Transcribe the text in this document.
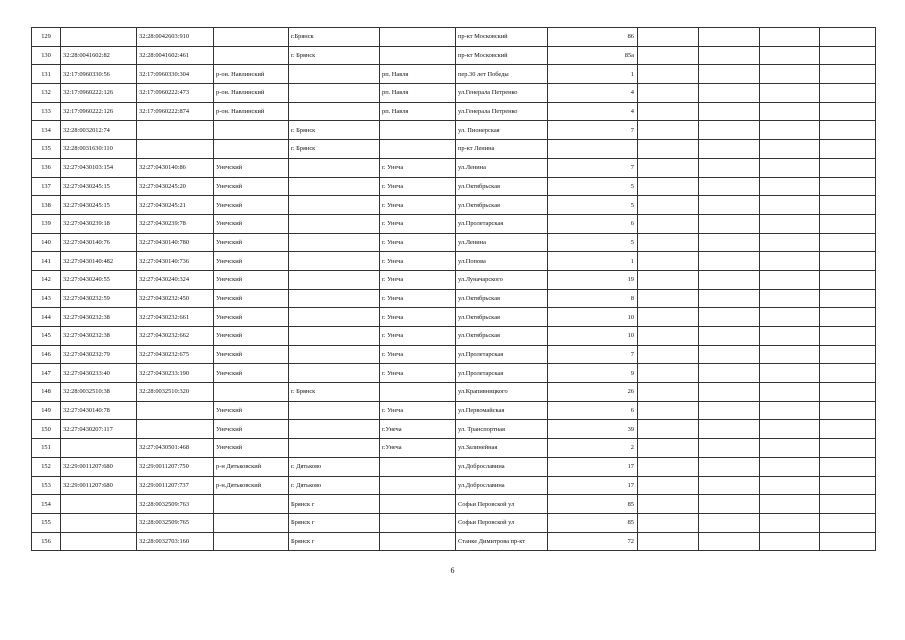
129		32:28:0042603:910		г.Брянск		пр-кт Московский	86				
130	32:28:0041602:82	32:28:0041602:461		г. Брянск		пр-кт Московский	85а				
131	32:17:0960330:56	32:17:0960330:304	р-он. Навлинский		рп. Навля	пер.30 лет Победы	1				
132	32:17:0960222:126	32:17:0960222:473	р-он. Навлинский		рп. Навля	ул.Генерала Петренко	4				
133	32:17:0960222:126	32:17:0960222:874	р-он. Навлинский		рп. Навля	ул.Генерала Петренко	4				
134	32:28:0032012:74			г. Брянск		ул. Пионерская	7				
135	32:28:0031630:110			г. Брянск		пр-кт Ленина					
136	32:27:0430103:154	32:27:0430140:86	Унечский		г. Унеча	ул.Ленина	7				
137	32:27:0430245:15	32:27:0430245:20	Унечский		г. Унеча	ул.Октябрьская	5				
138	32:27:0430245:15	32:27:0430245:21	Унечский		г. Унеча	ул.Октябрьская	5				
139	32:27:0430239:18	32:27:0430239:78	Унечский		г. Унеча	ул.Пролетарская	6				
140	32:27:0430140:76	32:27:0430140:780	Унечский		г. Унеча	ул.Ленина	5				
141	32:27:0430140:482	32:27:0430140:736	Унечский		г. Унеча	ул.Попова	1				
142	32:27:0430240:55	32:27:0430240:324	Унечский		г. Унеча	ул.Луначарского	19				
143	32:27:0430232:59	32:27:0430232:450	Унечский		г. Унеча	ул.Октябрьская	8				
144	32:27:0430232:38	32:27:0430232:661	Унечский		г. Унеча	ул.Октябрьская	10				
145	32:27:0430232:38	32:27:0430232:662	Унечский		г. Унеча	ул.Октябрьская	10				
146	32:27:0430232:79	32:27:0430232:675	Унечский		г. Унеча	ул.Пролетарская	7				
147	32:27:0430233:40	32:27:0430233:190	Унечский		г. Унеча	ул.Пролетарская	9				
148	32:28:0032510:38	32:28:0032510:320		г. Брянск		ул.Крапивницкого	26				
149	32:27:0430140:78		Унечский		г. Унеча	ул.Первомайская	6				
150	32:27:0430207:117		Унечский		г.Унеча	ул. Транспортная	39				
151		32:27:0430501:468	Унечский		г.Унеча	ул.Залинейная	2				
152	32:29:0011207:680	32:29:0011207:750	р-н Дятьковский	г. Дятьково		ул.Доброславина	17				
153	32:29:0011207:680	32:29:0011207:737	р-н.Дятьковский	г. Дятьково		ул.Доброславина	17				
154		32:28:0032509:763		Брянск г		Софьи Перовской ул	85				
155		32:28:0032509:765		Брянск г		Софьи Перовской ул	85				
156		32:28:0032703:160		Брянск г		Станке Димитрова пр-кт	72				
6
